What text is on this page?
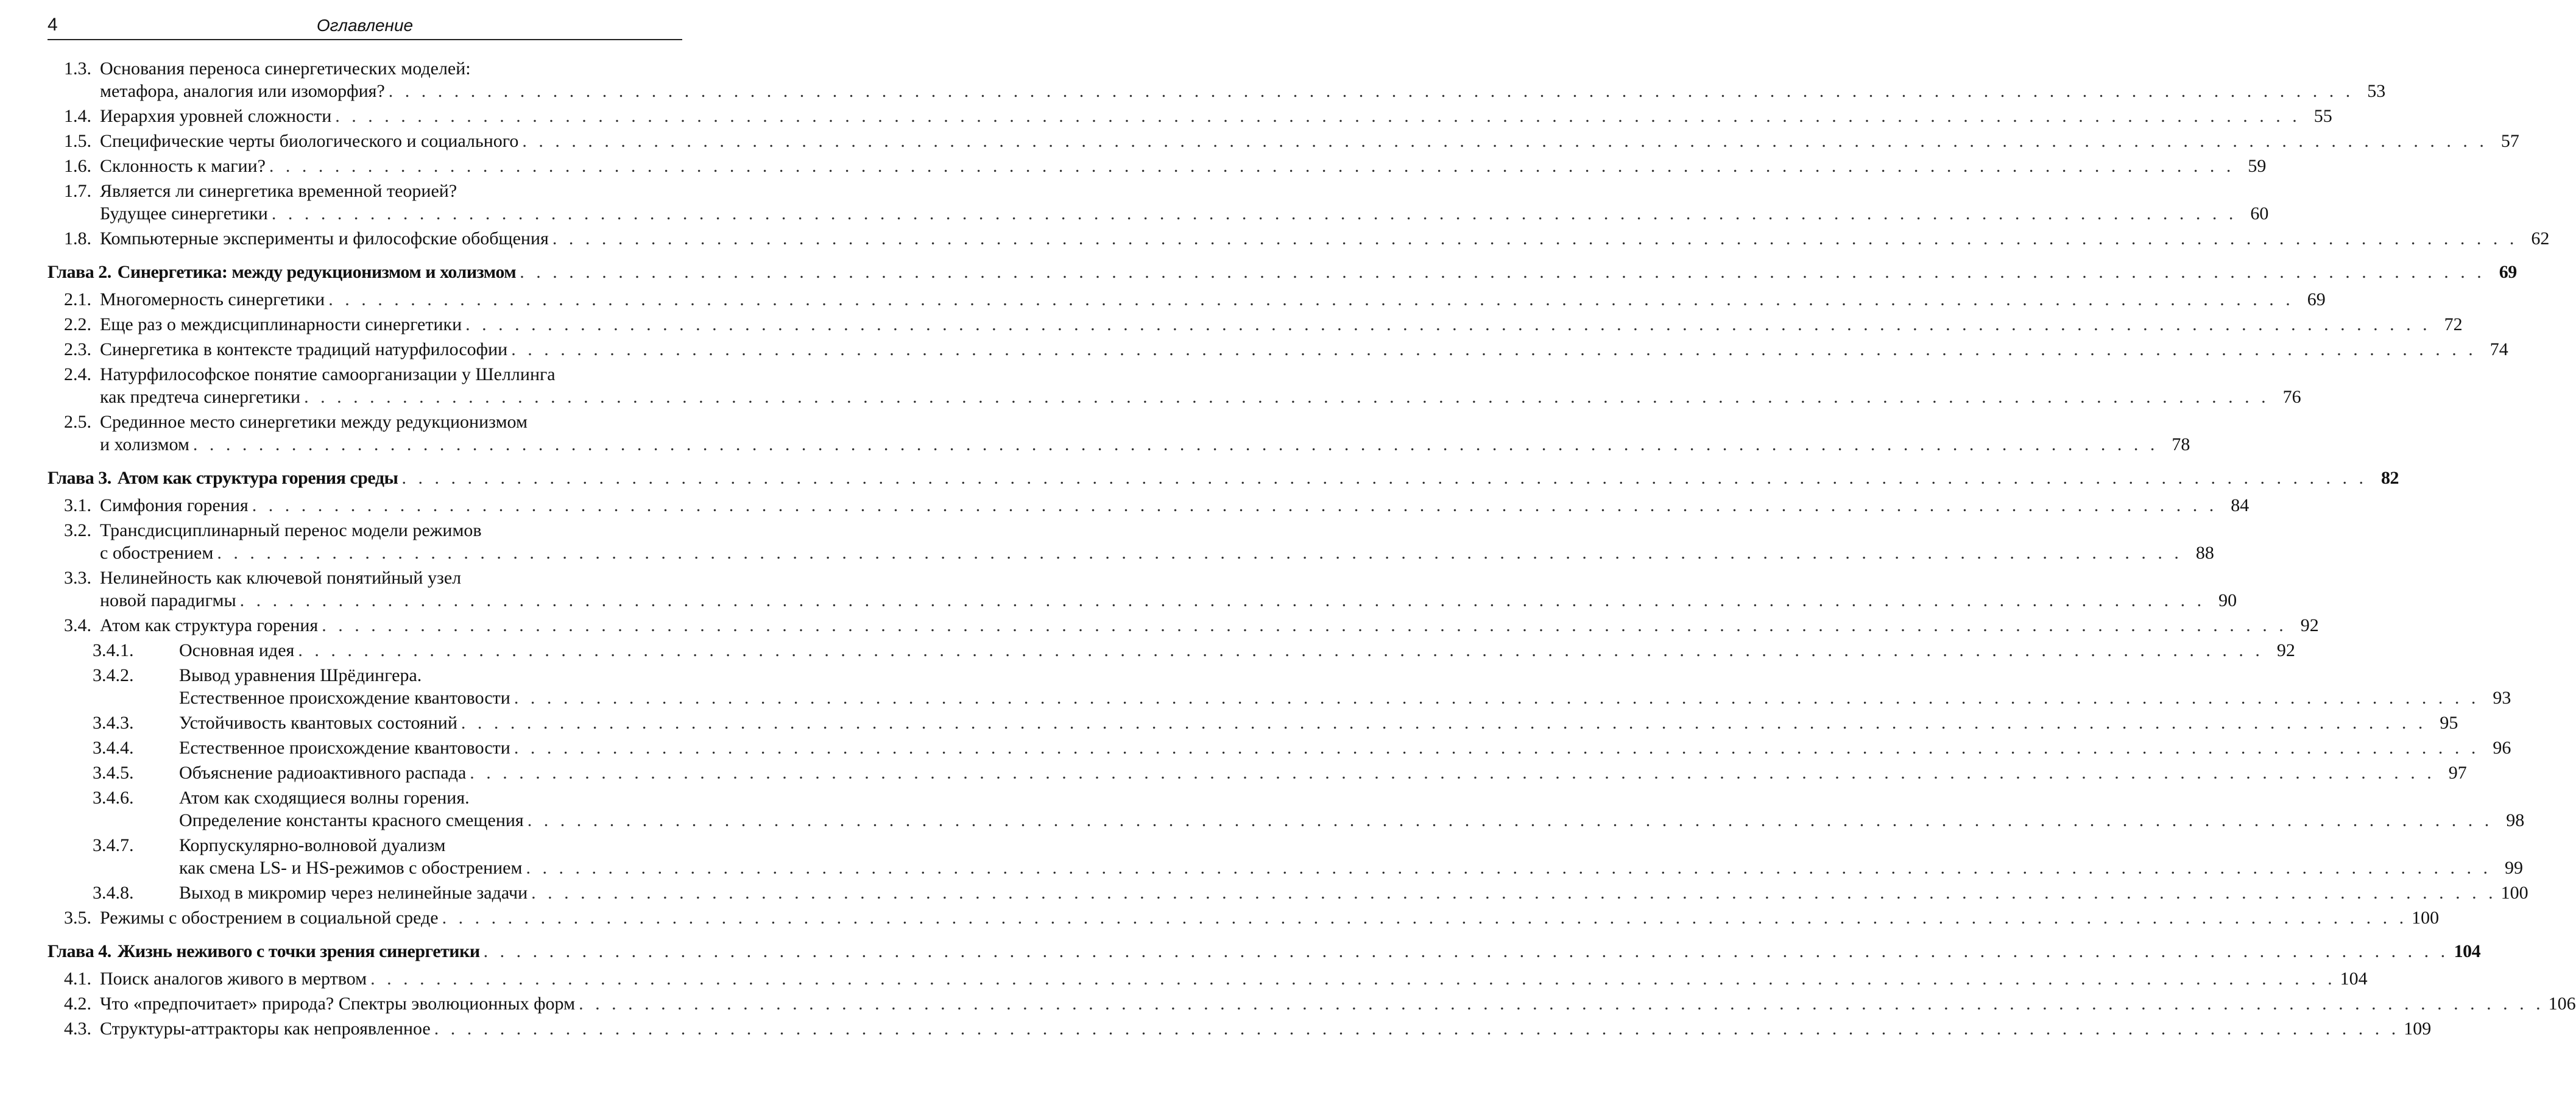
4	Оглавление
1.3. Основания переноса синергетических моделей:
метафора, аналогия или изоморфия? . . . . . . . . . . . . . . . . . . . . . . . . . . . . . . . . . . . . . . . . . . . . . . . . . . . . . . . . . . . . . . . . . . . . . . . . . . . . . . . . . . . . . . . . . . . . . . . . . . . . . . . . . . . . . . . . . . . . . . . . 53
1.4. Иерархия уровней сложности . . . . . . . . . . . . . . . . . . . . . . . . . . . . . . . . . . . . . . . . . . . . . . . . . . . . . . . . . . . . . . . . . . . . . . . . . . . . . . . . . . . . . . . . . . . . . . . . . . . . . . . . . . . . . . . . . . . . . . . . 55
1.5. Специфические черты биологического и социального . . . . . . . . . . . . . . . . . . . . . . . . . . . . . . . . . . . . . . . . . . . . . . . . . . . . . . . . . . . . . . . . . . . . . . . . . . . . . . . . . . . . . . . . . . . . . . . . . . . . . . . . . . . . . . . . . . . . . . . . 57
1.6. Склонность к магии? . . . . . . . . . . . . . . . . . . . . . . . . . . . . . . . . . . . . . . . . . . . . . . . . . . . . . . . . . . . . . . . . . . . . . . . . . . . . . . . . . . . . . . . . . . . . . . . . . . . . . . . . . . . . . . . . . . . . . . . . 59
1.7. Является ли синергетика временной теорией?
Будущее синергетики . . . . . . . . . . . . . . . . . . . . . . . . . . . . . . . . . . . . . . . . . . . . . . . . . . . . . . . . . . . . . . . . . . . . . . . . . . . . . . . . . . . . . . . . . . . . . . . . . . . . . . . . . . . . . . . . . . . . . . . . 60
1.8. Компьютерные эксперименты и философские обобщения . . . . . . . . . . . . . . . . . . . . . . . . . . . . . . . . . . . . . . . . . . . . . . . . . . . . . . . . . . . . . . . . . . . . . . . . . . . . . . . . . . . . . . . . . . . . . . . . . . . . . . . . . . . . . . . . . . . . . . . . 62
Глава 2. Синергетика: между редукционизмом и холизмом . . . . . . . . . . . . . . . . . . . . . . . . . . . . . . . . . . . . . . . . . . . . . . . . . . . . . . . . . . . . . . . . . . . . . . . . . . . . . . . . . . . . . . . . . . . . . . . . . . . . . . . . . . . . . . . . . . . . . . . . 69
2.1. Многомерность синергетики . . . . . . . . . . . . . . . . . . . . . . . . . . . . . . . . . . . . . . . . . . . . . . . . . . . . . . . . . . . . . . . . . . . . . . . . . . . . . . . . . . . . . . . . . . . . . . . . . . . . . . . . . . . . . . . . . . . . . . . . 69
2.2. Еще раз о междисциплинарности синергетики . . . . . . . . . . . . . . . . . . . . . . . . . . . . . . . . . . . . . . . . . . . . . . . . . . . . . . . . . . . . . . . . . . . . . . . . . . . . . . . . . . . . . . . . . . . . . . . . . . . . . . . . . . . . . . . . . . . . . . . . 72
2.3. Синергетика в контексте традиций натурфилософии . . . . . . . . . . . . . . . . . . . . . . . . . . . . . . . . . . . . . . . . . . . . . . . . . . . . . . . . . . . . . . . . . . . . . . . . . . . . . . . . . . . . . . . . . . . . . . . . . . . . . . . . . . . . . . . . . . . . . . . . 74
2.4. Натурфилософское понятие самоорганизации у Шеллинга
как предтеча синергетики . . . . . . . . . . . . . . . . . . . . . . . . . . . . . . . . . . . . . . . . . . . . . . . . . . . . . . . . . . . . . . . . . . . . . . . . . . . . . . . . . . . . . . . . . . . . . . . . . . . . . . . . . . . . . . . . . . . . . . . . 76
2.5. Срединное место синергетики между редукционизмом
и холизмом . . . . . . . . . . . . . . . . . . . . . . . . . . . . . . . . . . . . . . . . . . . . . . . . . . . . . . . . . . . . . . . . . . . . . . . . . . . . . . . . . . . . . . . . . . . . . . . . . . . . . . . . . . . . . . . . . . . . . . . . 78
Глава 3. Атом как структура горения среды . . . . . . . . . . . . . . . . . . . . . . . . . . . . . . . . . . . . . . . . . . . . . . . . . . . . . . . . . . . . . . . . . . . . . . . . . . . . . . . . . . . . . . . . . . . . . . . . . . . . . . . . . . . . . . . . . . . . . . . . 82
3.1. Симфония горения . . . . . . . . . . . . . . . . . . . . . . . . . . . . . . . . . . . . . . . . . . . . . . . . . . . . . . . . . . . . . . . . . . . . . . . . . . . . . . . . . . . . . . . . . . . . . . . . . . . . . . . . . . . . . . . . . . . . . . . . 84
3.2. Трансдисциплинарный перенос модели режимов
с обострением . . . . . . . . . . . . . . . . . . . . . . . . . . . . . . . . . . . . . . . . . . . . . . . . . . . . . . . . . . . . . . . . . . . . . . . . . . . . . . . . . . . . . . . . . . . . . . . . . . . . . . . . . . . . . . . . . . . . . . . . 88
3.3. Нелинейность как ключевой понятийный узел
новой парадигмы . . . . . . . . . . . . . . . . . . . . . . . . . . . . . . . . . . . . . . . . . . . . . . . . . . . . . . . . . . . . . . . . . . . . . . . . . . . . . . . . . . . . . . . . . . . . . . . . . . . . . . . . . . . . . . . . . . . . . . . . 90
3.4. Атом как структура горения . . . . . . . . . . . . . . . . . . . . . . . . . . . . . . . . . . . . . . . . . . . . . . . . . . . . . . . . . . . . . . . . . . . . . . . . . . . . . . . . . . . . . . . . . . . . . . . . . . . . . . . . . . . . . . . . . . . . . . . . 92
3.4.1.	Основная идея . . . . . . . . . . . . . . . . . . . . . . . . . . . . . . . . . . . . . . . . . . . . . . . . . . . . . . . . . . . . . . . . . . . . . . . . . . . . . . . . . . . . . . . . . . . . . . . . . . . . . . . . . . . . . . . . . . . . . . . . 92
3.4.2.	Вывод уравнения Шрёдингера.
Естественное происхождение квантовости . . . . . . . . . . . . . . . . . . . . . . . . . . . . . . . . . . . . . . . . . . . . . . . . . . . . . . . . . . . . . . . . . . . . . . . . . . . . . . . . . . . . . . . . . . . . . . . . . . . . . . . . . . . . . . . . . . . . . . . . 93
3.4.3.	Устойчивость квантовых состояний . . . . . . . . . . . . . . . . . . . . . . . . . . . . . . . . . . . . . . . . . . . . . . . . . . . . . . . . . . . . . . . . . . . . . . . . . . . . . . . . . . . . . . . . . . . . . . . . . . . . . . . . . . . . . . . . . . . . . . . . 95
3.4.4.	Естественное происхождение квантовости . . . . . . . . . . . . . . . . . . . . . . . . . . . . . . . . . . . . . . . . . . . . . . . . . . . . . . . . . . . . . . . . . . . . . . . . . . . . . . . . . . . . . . . . . . . . . . . . . . . . . . . . . . . . . . . . . . . . . . . . 96
3.4.5.	Объяснение радиоактивного распада . . . . . . . . . . . . . . . . . . . . . . . . . . . . . . . . . . . . . . . . . . . . . . . . . . . . . . . . . . . . . . . . . . . . . . . . . . . . . . . . . . . . . . . . . . . . . . . . . . . . . . . . . . . . . . . . . . . . . . . . 97
3.4.6.	Атом как сходящиеся волны горения.
Определение константы красного смещения . . . . . . . . . . . . . . . . . . . . . . . . . . . . . . . . . . . . . . . . . . . . . . . . . . . . . . . . . . . . . . . . . . . . . . . . . . . . . . . . . . . . . . . . . . . . . . . . . . . . . . . . . . . . . . . . . . . . . . . . 98
3.4.7.	Корпускулярно-волновой дуализм
как смена LS- и HS-режимов с обострением . . . . . . . . . . . . . . . . . . . . . . . . . . . . . . . . . . . . . . . . . . . . . . . . . . . . . . . . . . . . . . . . . . . . . . . . . . . . . . . . . . . . . . . . . . . . . . . . . . . . . . . . . . . . . . . . . . . . . . . . 99
3.4.8.	Выход в микромир через нелинейные задачи . . . . . . . . . . . . . . . . . . . . . . . . . . . . . . . . . . . . . . . . . . . . . . . . . . . . . . . . . . . . . . . . . . . . . . . . . . . . . . . . . . . . . . . . . . . . . . . . . . . . . . . . . . . . . . . . . . . . . . . . 100
3.5. Режимы с обострением в социальной среде . . . . . . . . . . . . . . . . . . . . . . . . . . . . . . . . . . . . . . . . . . . . . . . . . . . . . . . . . . . . . . . . . . . . . . . . . . . . . . . . . . . . . . . . . . . . . . . . . . . . . . . . . . . . . . . . . . . . . . . . 100
Глава 4. Жизнь неживого с точки зрения синергетики . . . . . . . . . . . . . . . . . . . . . . . . . . . . . . . . . . . . . . . . . . . . . . . . . . . . . . . . . . . . . . . . . . . . . . . . . . . . . . . . . . . . . . . . . . . . . . . . . . . . . . . . . . . . . . . . . . . . . . . . 104
4.1. Поиск аналогов живого в мертвом . . . . . . . . . . . . . . . . . . . . . . . . . . . . . . . . . . . . . . . . . . . . . . . . . . . . . . . . . . . . . . . . . . . . . . . . . . . . . . . . . . . . . . . . . . . . . . . . . . . . . . . . . . . . . . . . . . . . . . . . 104
4.2. Что «предпочитает» природа? Спектры эволюционных форм . . . . . . . . . . . . . . . . . . . . . . . . . . . . . . . . . . . . . . . . . . . . . . . . . . . . . . . . . . . . . . . . . . . . . . . . . . . . . . . . . . . . . . . . . . . . . . . . . . . . . . . . . . . . . . . . . . . . . . . . 106
4.3. Структуры-аттракторы как непроявленное . . . . . . . . . . . . . . . . . . . . . . . . . . . . . . . . . . . . . . . . . . . . . . . . . . . . . . . . . . . . . . . . . . . . . . . . . . . . . . . . . . . . . . . . . . . . . . . . . . . . . . . . . . . . . . . . . . . . . . . . 109
